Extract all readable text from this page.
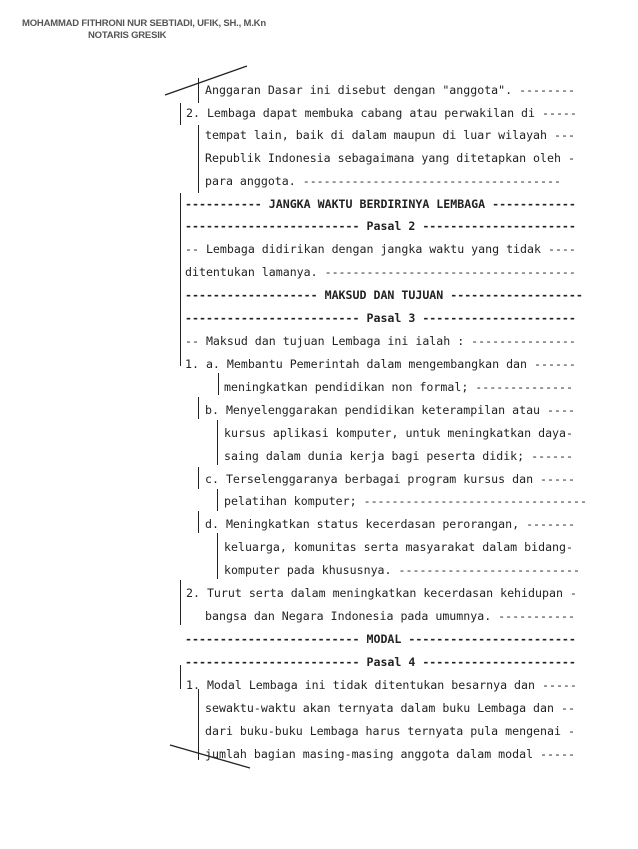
MOHAMMAD FITHRONI NUR SEBTIADI, UFIK, SH., M.Kn
NOTARIS GRESIK
Anggaran Dasar ini disebut dengan "anggota". --------
2. Lembaga dapat membuka cabang atau perwakilan di -----
tempat lain, baik di dalam maupun di luar wilayah ---
Republik Indonesia sebagaimana yang ditetapkan oleh -
para anggota. -------------------------------------
----------- JANGKA WAKTU BERDIRINYA LEMBAGA ------------
------------------------- Pasal 2 ----------------------
-- Lembaga didirikan dengan jangka waktu yang tidak ----
ditentukan lamanya. ------------------------------------
------------------- MAKSUD DAN TUJUAN -------------------
------------------------- Pasal 3 ----------------------
-- Maksud dan tujuan Lembaga ini ialah : ---------------
1. a. Membantu Pemerintah dalam mengembangkan dan ------
meningkatkan pendidikan non formal; --------------
b. Menyelenggarakan pendidikan keterampilan atau ----
kursus aplikasi komputer, untuk meningkatkan daya-
saing dalam dunia kerja bagi peserta didik; ------
c. Terselenggaranya berbagai program kursus dan -----
pelatihan komputer; --------------------------------
d. Meningkatkan status kecerdasan perorangan, -------
keluarga, komunitas serta masyarakat dalam bidang-
komputer pada khususnya. --------------------------
2. Turut serta dalam meningkatkan kecerdasan kehidupan -
bangsa dan Negara Indonesia pada umumnya. -----------
------------------------- MODAL ------------------------
------------------------- Pasal 4 ----------------------
1. Modal Lembaga ini tidak ditentukan besarnya dan -----
sewaktu-waktu akan ternyata dalam buku Lembaga dan --
dari buku-buku Lembaga harus ternyata pula mengenai -
jumlah bagian masing-masing anggota dalam modal -----
